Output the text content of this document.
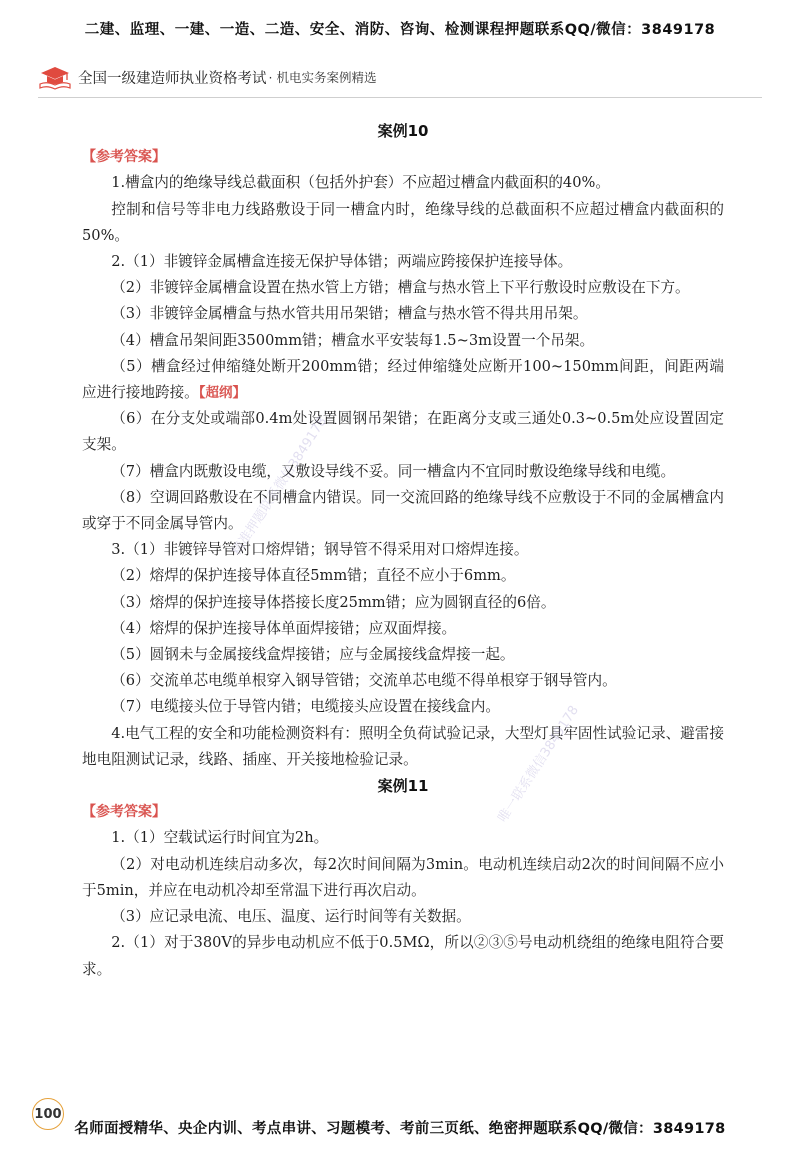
二建、监理、一建、一造、二造、安全、消防、咨询、检测课程押题联系QQ/微信：3849178
全国一级建造师执业资格考试 · 机电实务案例精选
案例10
【参考答案】

1.槽盒内的绝缘导线总截面积（包括外护套）不应超过槽盒内截面积的40%。

控制和信号等非电力线路敷设于同一槽盒内时，绝缘导线的总截面积不应超过槽盒内截面积的50%。

2.（1）非镀锌金属槽盒连接无保护导体错；两端应跨接保护连接导体。

（2）非镀锌金属槽盒设置在热水管上方错；槽盒与热水管上下平行敷设时应敷设在下方。

（3）非镀锌金属槽盒与热水管共用吊架错；槽盒与热水管不得共用吊架。

（4）槽盒吊架间距3500mm错；槽盒水平安装每1.5~3m设置一个吊架。

（5）槽盒经过伸缩缝处断开200mm错；经过伸缩缝处应断开100~150mm间距，间距两端应进行接地跨接。【超纲】

（6）在分支处或端部0.4m处设置圆钢吊架错；在距离分支或三通处0.3~0.5m处应设置固定支架。

（7）槽盒内既敷设电缆，又敷设导线不妥。同一槽盒内不宜同时敷设绝缘导线和电缆。

（8）空调回路敷设在不同槽盒内错误。同一交流回路的绝缘导线不应敷设于不同的金属槽盒内或穿于不同金属导管内。

3.（1）非镀锌导管对口熔焊错；钢导管不得采用对口熔焊连接。

（2）熔焊的保护连接导体直径5mm错；直径不应小于6mm。

（3）熔焊的保护连接导体搭接长度25mm错；应为圆钢直径的6倍。

（4）熔焊的保护连接导体单面焊接错；应双面焊接。

（5）圆钢未与金属接线盒焊接错；应与金属接线盒焊接一起。

（6）交流单芯电缆单根穿入钢导管错；交流单芯电缆不得单根穿于钢导管内。

（7）电缆接头位于导管内错；电缆接头应设置在接线盒内。

4.电气工程的安全和功能检测资料有：照明全负荷试验记录，大型灯具牢固性试验记录、避雷接地电阻测试记录，线路、插座、开关接地检验记录。

案例11
【参考答案】

1.（1）空载试运行时间宜为2h。

（2）对电动机连续启动多次，每2次时间间隔为3min。电动机连续启动2次的时间间隔不应小于5min，并应在电动机冷却至常温下进行再次启动。

（3）应记录电流、电压、温度、运行时间等有关数据。

2.（1）对于380V的异步电动机应不低于0.5MΩ，所以②③⑤号电动机绕组的绝缘电阻符合要求。

精准押题联系微信3849178
唯一联系微信3849178
100
名师面授精华、央企内训、考点串讲、习题模考、考前三页纸、绝密押题联系QQ/微信：3849178
